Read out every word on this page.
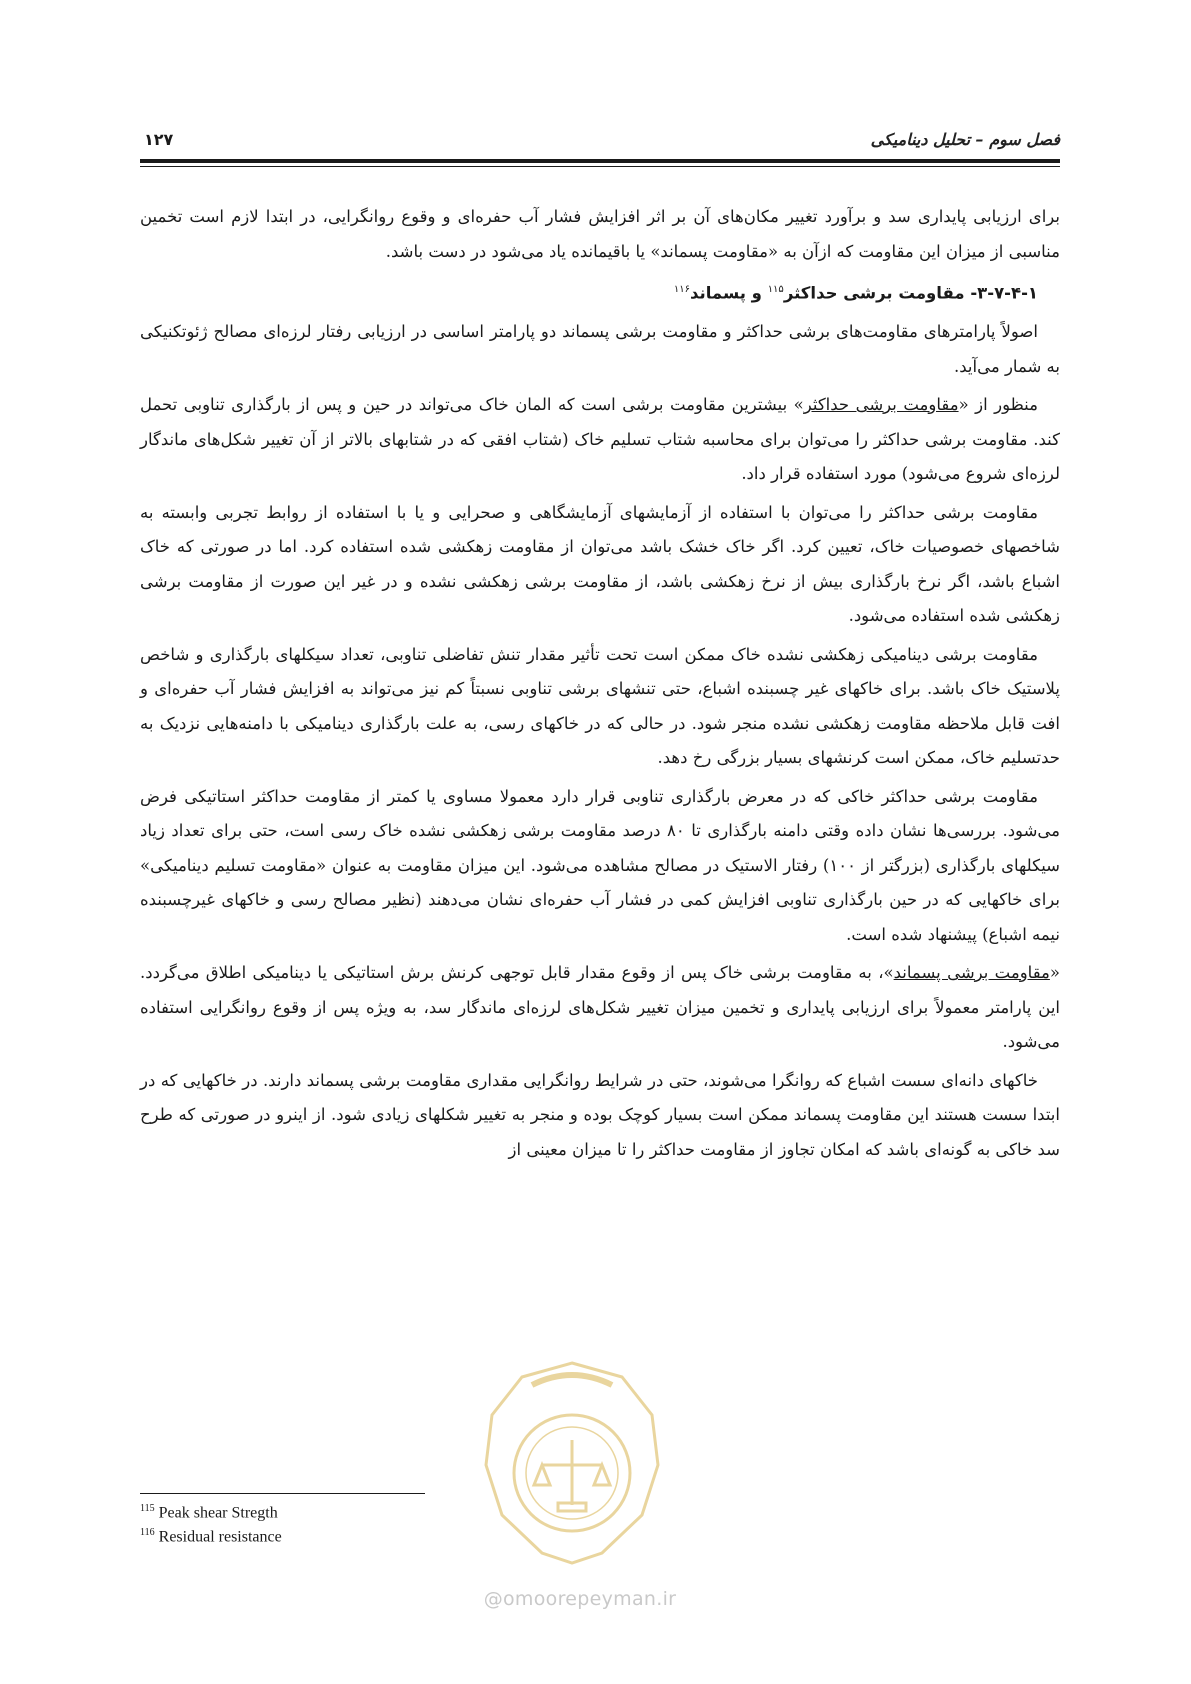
فصل سوم – تحلیل دینامیکی
۱۲۷

برای ارزیابی پایداری سد و برآورد تغییر مکان‌های آن بر اثر افزایش فشار آب حفره‌ای و وقوع روانگرایی، در ابتدا لازم است تخمین مناسبی از میزان این مقاومت که ازآن به «مقاومت پسماند» یا باقیمانده یاد می‌شود در دست باشد.

۳-۷-۴-۱- مقاومت برشی حداکثر$^{۱۱۵}$ و پسماند$^{۱۱۶}$

اصولاً پارامترهای مقاومت‌های برشی حداکثر و مقاومت برشی پسماند دو پارامتر اساسی در ارزیابی رفتار لرزه‌ای مصالح ژئوتکنیکی به شمار می‌آید.

منظور از «مقاومت برشی حداکثر» بیشترین مقاومت برشی است که المان خاک می‌تواند در حین و پس از بارگذاری تناوبی تحمل کند. مقاومت برشی حداکثر را می‌توان برای محاسبه شتاب تسلیم خاک (شتاب افقی که در شتابهای بالاتر از آن تغییر شکل‌های ماندگار لرزه‌ای شروع می‌شود) مورد استفاده قرار داد.

مقاومت برشی حداکثر را می‌توان با استفاده از آزمایشهای آزمایشگاهی و صحرایی و یا با استفاده از روابط تجربی وابسته به شاخصهای خصوصیات خاک، تعیین کرد. اگر خاک خشک باشد می‌توان از مقاومت زهکشی شده استفاده کرد. اما در صورتی که خاک اشباع باشد، اگر نرخ بارگذاری بیش از نرخ زهکشی باشد، از مقاومت برشی زهکشی نشده و در غیر این صورت از مقاومت برشی زهکشی شده استفاده می‌شود.

مقاومت برشی دینامیکی زهکشی نشده خاک ممکن است تحت تأثیر مقدار تنش تفاضلی تناوبی، تعداد سیکلهای بارگذاری و شاخص پلاستیک خاک باشد. برای خاکهای غیر چسبنده اشباع، حتی تنشهای برشی تناوبی نسبتاً کم نیز می‌تواند به افزایش فشار آب حفره‌ای و افت قابل ملاحظه مقاومت زهکشی نشده منجر شود. در حالی که در خاکهای رسی، به علت بارگذاری دینامیکی با دامنه‌هایی نزدیک به حدتسلیم خاک، ممکن است کرنشهای بسیار بزرگی رخ دهد.

مقاومت برشی حداکثر خاکی که در معرض بارگذاری تناوبی قرار دارد معمولا مساوی یا کمتر از مقاومت حداکثر استاتیکی فرض می‌شود. بررسی‌ها نشان داده وقتی دامنه بارگذاری تا ۸۰ درصد مقاومت برشی زهکشی نشده خاک رسی است، حتی برای تعداد زیاد سیکلهای بارگذاری (بزرگتر از ۱۰۰) رفتار الاستیک در مصالح مشاهده می‌شود. این میزان مقاومت به عنوان «مقاومت تسلیم دینامیکی» برای خاکهایی که در حین بارگذاری تناوبی افزایش کمی در فشار آب حفره‌ای نشان می‌دهند (نظیر مصالح رسی و خاکهای غیرچسبنده نیمه اشباع) پیشنهاد شده است.

«مقاومت برشی پسماند»، به مقاومت برشی خاک پس از وقوع مقدار قابل توجهی کرنش برش استاتیکی یا دینامیکی اطلاق می‌گردد. این پارامتر معمولاً برای ارزیابی پایداری و تخمین میزان تغییر شکل‌های لرزه‌ای ماندگار سد، به ویژه پس از وقوع روانگرایی استفاده می‌شود.

خاکهای دانه‌ای سست اشباع که روانگرا می‌شوند، حتی در شرایط روانگرایی مقداری مقاومت برشی پسماند دارند. در خاکهایی که در ابتدا سست هستند این مقاومت پسماند ممکن است بسیار کوچک بوده و منجر به تغییر شکلهای زیادی شود. از اینرو در صورتی که طرح سد خاکی به گونه‌ای باشد که امکان تجاوز از مقاومت حداکثر را تا میزان معینی از

$^{115}$ Peak shear Stregth
$^{116}$ Residual resistance
@omoorepeyman.ir
